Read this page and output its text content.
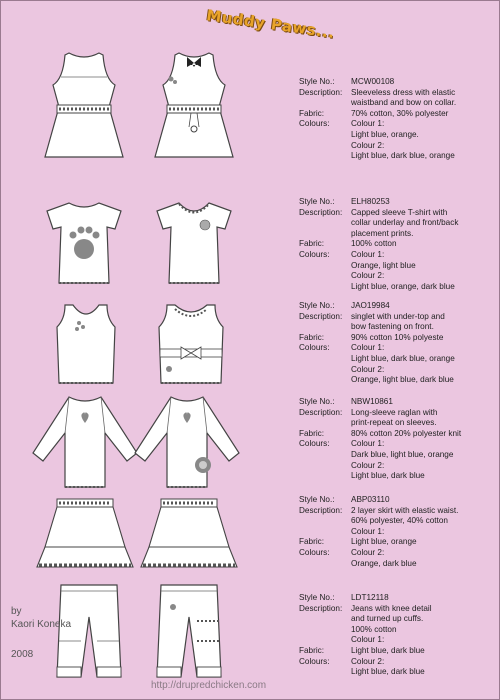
Muddy Paws...
Style No.:	MCW00108
Description:	Sleeveless dress with elastic
waistband and bow on collar.
Fabric:	70% cotton, 30% polyester
Colours:	Colour 1:
Light blue, orange.
Colour 2:
Light blue, dark blue, orange
Style No.:	ELH80253
Description:	Capped sleeve T-shirt with
collar underlay and front/back
placement prints.
Fabric:	100% cotton
Colours:	Colour 1:
Orange, light blue
Colour 2:
Light blue, orange, dark blue
Style No.:	JAO19984
Description:	singlet with under-top and
bow fastening on front.
Fabric:	90% cotton 10% polyeste
Colours:	Colour 1:
Light blue, dark blue, orange
Colour 2:
Orange, light blue, dark blue
Style No.:	NBW10861
Description:	Long-sleeve raglan with
print-repeat on sleeves.
Fabric:	80% cotton 20% polyester knit
Colours:	Colour 1:
Dark blue, light blue, orange
Colour 2:
Light blue, dark blue
Style No.:	ABP03110
Description:	2 layer skirt with elastic waist.
60% polyester, 40% cotton
Colour 1:
Fabric:	Light blue, orange
Colours:	Colour 2:
Orange, dark blue
Style No.:	LDT12118
Description:	Jeans with knee detail
and turned up cuffs.
100% cotton
Colour 1:
Fabric:	Light blue, dark blue
Colours:	Colour 2:
Light blue, dark blue
by
Kaori Koneka
2008
http://drupredchicken.com
